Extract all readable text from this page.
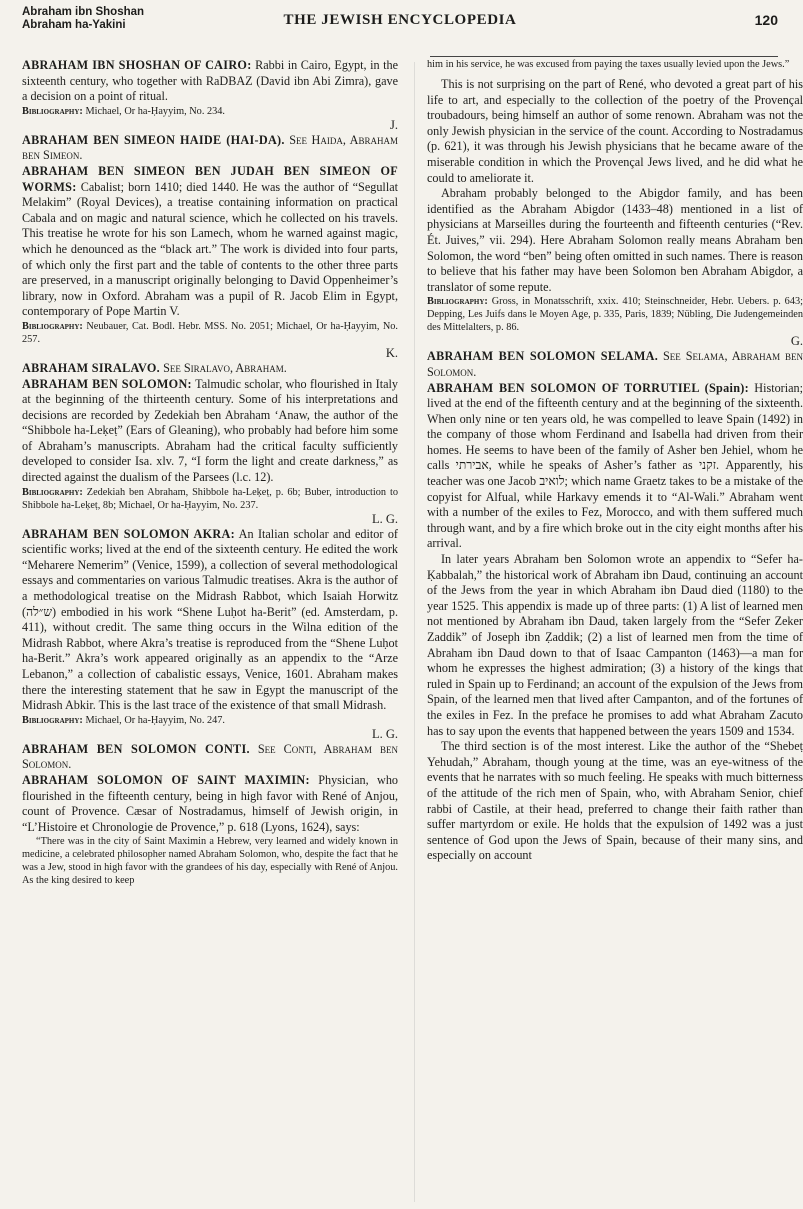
Abraham ibn Shoshan
Abraham ha-Yakini	THE JEWISH ENCYCLOPEDIA	120

ABRAHAM IBN SHOSHAN OF CAIRO: Rabbi in Cairo, Egypt, in the sixteenth century, who together with RaDBAZ (David ibn Abi Zimra), gave a decision on a point of ritual.

Bibliography: Michael, Or ha-Ḥayyim, No. 234.

J.

ABRAHAM BEN SIMEON HAIDE (HAI-DA). See Haida, Abraham ben Simeon.

ABRAHAM BEN SIMEON BEN JUDAH BEN SIMEON OF WORMS: Cabalist; born 1410; died 1440. He was the author of “Segullat Melakim” (Royal Devices), a treatise containing information on practical Cabala and on magic and natural science, which he collected on his travels. This treatise he wrote for his son Lamech, whom he warned against magic, which he denounced as the “black art.” The work is divided into four parts, of which only the first part and the table of contents to the other three parts are preserved, in a manuscript originally belonging to David Oppenheimer’s library, now in Oxford. Abraham was a pupil of R. Jacob Elim in Egypt, contemporary of Pope Martin V.

Bibliography: Neubauer, Cat. Bodl. Hebr. MSS. No. 2051; Michael, Or ha-Ḥayyim, No. 257.

K.

ABRAHAM SIRALAVO. See Siralavo, Abraham.

ABRAHAM BEN SOLOMON: Talmudic scholar, who flourished in Italy at the beginning of the thirteenth century. Some of his interpretations and decisions are recorded by Zedekiah ben Abraham ‘Anaw, the author of the “Shibbole ha-Leḳeṭ” (Ears of Gleaning), who probably had before him some of Abraham’s manuscripts. Abraham had the critical faculty sufficiently developed to consider Isa. xlv. 7, “I form the light and create darkness,” as directed against the dualism of the Parsees (l.c. 12).

Bibliography: Zedekiah ben Abraham, Shibbole ha-Leḳeṭ, p. 6b; Buber, introduction to Shibbole ha-Leḳeṭ, 8b; Michael, Or ha-Ḥayyim, No. 237.

L. G.

ABRAHAM BEN SOLOMON AKRA: An Italian scholar and editor of scientific works; lived at the end of the sixteenth century. He edited the work “Meharere Nemerim” (Venice, 1599), a collection of several methodological essays and commentaries on various Talmudic treatises. Akra is the author of a methodological treatise on the Midrash Rabbot, which Isaiah Horwitz (ש״לה) embodied in his work “Shene Luḥot ha-Berit” (ed. Amsterdam, p. 411), without credit. The same thing occurs in the Wilna edition of the Midrash Rabbot, where Akra’s treatise is reproduced from the “Shene Luḥot ha-Berit.” Akra’s work appeared originally as an appendix to the “Arze Lebanon,” a collection of cabalistic essays, Venice, 1601. Abraham makes there the interesting statement that he saw in Egypt the manuscript of the Midrash Abkir. This is the last trace of the existence of that small Midrash.

Bibliography: Michael, Or ha-Ḥayyim, No. 247.

L. G.

ABRAHAM BEN SOLOMON CONTI. See Conti, Abraham ben Solomon.

ABRAHAM SOLOMON OF SAINT MAXIMIN: Physician, who flourished in the fifteenth century, being in high favor with René of Anjou, count of Provence. Cæsar of Nostradamus, himself of Jewish origin, in “L’Histoire et Chronologie de Provence,” p. 618 (Lyons, 1624), says:

“There was in the city of Saint Maximin a Hebrew, very learned and widely known in medicine, a celebrated philosopher named Abraham Solomon, who, despite the fact that he was a Jew, stood in high favor with the grandees of his day, especially with René of Anjou. As the king desired to keep

him in his service, he was excused from paying the taxes usually levied upon the Jews.”

This is not surprising on the part of René, who devoted a great part of his life to art, and especially to the collection of the poetry of the Provençal troubadours, being himself an author of some renown. Abraham was not the only Jewish physician in the service of the count. According to Nostradamus (p. 621), it was through his Jewish physicians that he became aware of the miserable condition in which the Provençal Jews lived, and he did what he could to ameliorate it.

Abraham probably belonged to the Abigdor family, and has been identified as the Abraham Abigdor (1433–48) mentioned in a list of physicians at Marseilles during the fourteenth and fifteenth centuries (“Rev. Ét. Juives,” vii. 294). Here Abraham Solomon really means Abraham ben Solomon, the word “ben” being often omitted in such names. There is reason to believe that his father may have been Solomon ben Abraham Abigdor, a translator of some repute.

Bibliography: Gross, in Monatsschrift, xxix. 410; Steinschneider, Hebr. Uebers. p. 643; Depping, Les Juifs dans le Moyen Age, p. 335, Paris, 1839; Nübling, Die Judengemeinden des Mittelalters, p. 86.

G.

ABRAHAM BEN SOLOMON SELAMA. See Selama, Abraham ben Solomon.

ABRAHAM BEN SOLOMON OF TORRUTIEL (Spain): Historian; lived at the end of the fifteenth century and at the beginning of the sixteenth. When only nine or ten years old, he was compelled to leave Spain (1492) in the company of those whom Ferdinand and Isabella had driven from their homes. He seems to have been of the family of Asher ben Jehiel, whom he calls אבירתי, while he speaks of Asher’s father as זקני. Apparently, his teacher was one Jacob לואיב; which name Graetz takes to be a mistake of the copyist for Alfual, while Harkavy emends it to “Al-Wali.” Abraham went with a number of the exiles to Fez, Morocco, and with them suffered much through want, and by a fire which broke out in the city eight months after his arrival.

In later years Abraham ben Solomon wrote an appendix to “Sefer ha-Ḳabbalah,” the historical work of Abraham ibn Daud, continuing an account of the Jews from the year in which Abraham ibn Daud died (1180) to the year 1525. This appendix is made up of three parts: (1) A list of learned men not mentioned by Abraham ibn Daud, taken largely from the “Sefer Zeker Zaddik” of Joseph ibn Ẓaddik; (2) a list of learned men from the time of Abraham ibn Daud down to that of Isaac Campanton (1463)—a man for whom he expresses the highest admiration; (3) a history of the kings that ruled in Spain up to Ferdinand; an account of the expulsion of the Jews from Spain, of the learned men that lived after Campanton, and of the fortunes of the exiles in Fez. In the preface he promises to add what Abraham Zacuto has to say upon the events that happened between the years 1509 and 1534.

The third section is of the most interest. Like the author of the “Shebeṭ Yehudah,” Abraham, though young at the time, was an eye-witness of the events that he narrates with so much feeling. He speaks with much bitterness of the attitude of the rich men of Spain, who, with Abraham Senior, chief rabbi of Castile, at their head, preferred to change their faith rather than suffer martyrdom or exile. He holds that the expulsion of 1492 was a just sentence of God upon the Jews of Spain, because of their many sins, and especially on account
